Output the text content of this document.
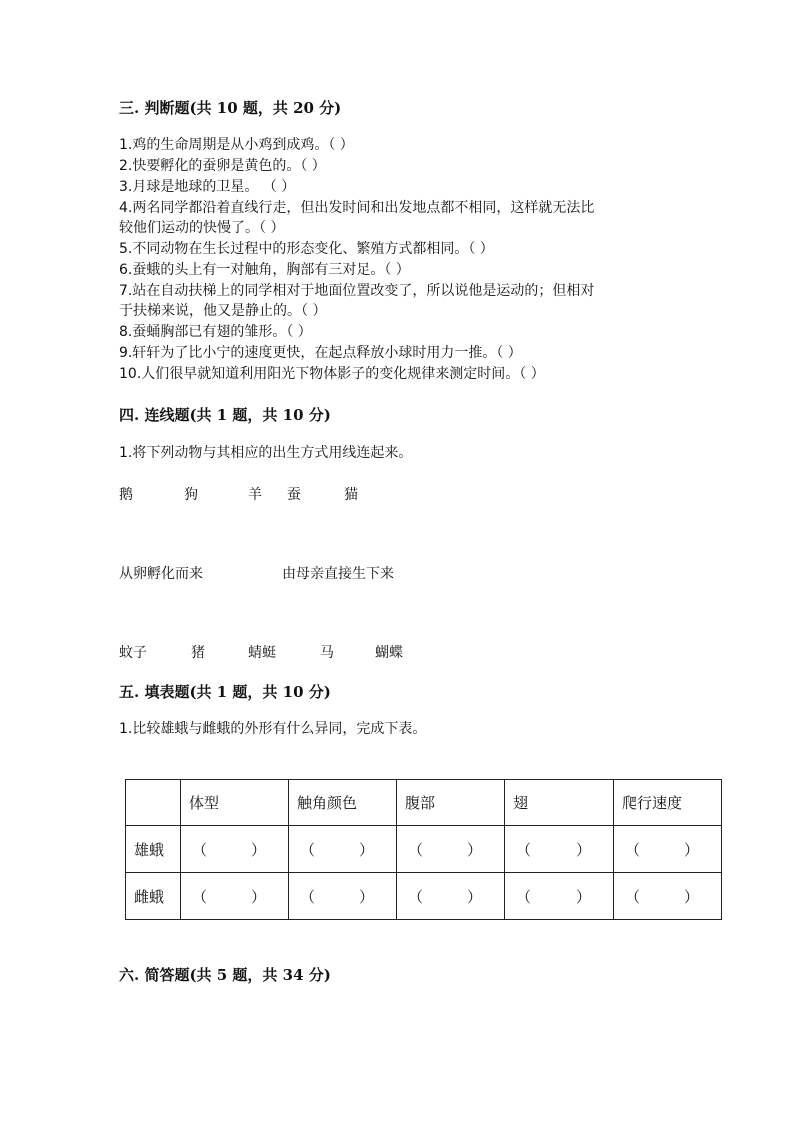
三. 判断题(共 10 题，共 20 分)
1.鸡的生命周期是从小鸡到成鸡。（ ）
2.快要孵化的蚕卵是黄色的。（ ）
3.月球是地球的卫星。 （ ）
4.两名同学都沿着直线行走，但出发时间和出发地点都不相同，这样就无法比
较他们运动的快慢了。（ ）
5.不同动物在生长过程中的形态变化、繁殖方式都相同。（ ）
6.蚕蛾的头上有一对触角，胸部有三对足。（ ）
7.站在自动扶梯上的同学相对于地面位置改变了，所以说他是运动的；但相对
于扶梯来说，他又是静止的。（ ）
8.蚕蛹胸部已有翅的雏形。（ ）
9.轩轩为了比小宁的速度更快，在起点释放小球时用力一推。（ ）
10.人们很早就知道利用阳光下物体影子的变化规律来测定时间。（ ）
四. 连线题(共 1 题，共 10 分)
1.将下列动物与其相应的出生方式用线连起来。
鹅	狗	羊 蚕	猫
从卵孵化而来	由母亲直接生下来
蚊子	猪	蜻蜓	马	蝴蝶
五. 填表题(共 1 题，共 10 分)
1.比较雄蛾与雌蛾的外形有什么异同，完成下表。
	体型	触角颜色	腹部	翅	爬行速度
雄蛾	（ ）	（ ）	（ ）	（ ）	（ ）

雌蛾	（ ）	（ ）	（ ）	（ ）	（ ）
六. 简答题(共 5 题，共 34 分)
